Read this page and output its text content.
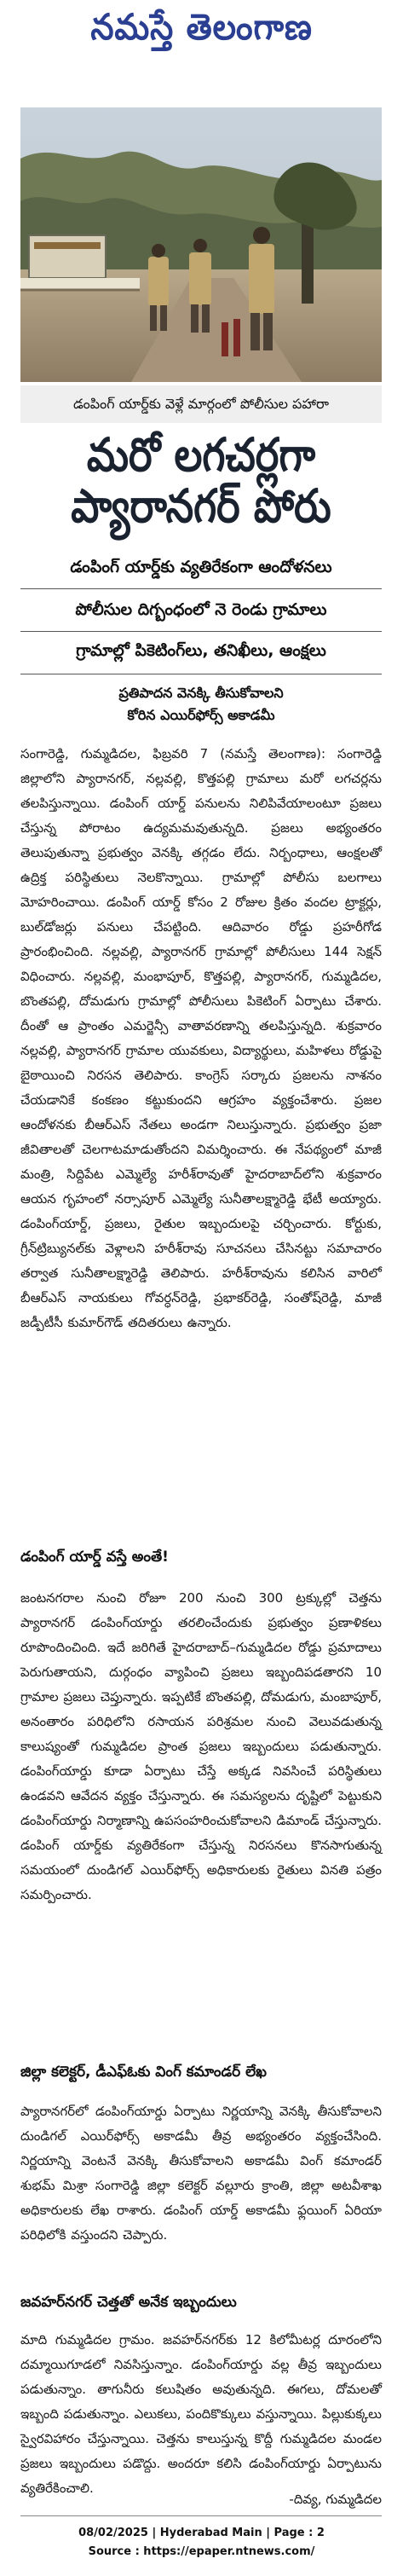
నమస్తే తెలంగాణ
డంపింగ్ యార్డ్‌కు వెళ్లే మార్గంలో పోలీసుల పహారా
మరో లగచర్లగా
ప్యారానగర్ పోరు
డంపింగ్ యార్డ్‌కు వ్యతిరేకంగా ఆందోళనలు
పోలీసుల దిగ్బంధంలో నె రెండు గ్రామాలు
గ్రామాల్లో పికెటింగ్‌లు, తనిఖీలు, ఆంక్షలు
ప్రతిపాదన వెనక్కి తీసుకోవాలని
కోరిన ఎయిర్‌ఫోర్స్ అకాడమీ
సంగారెడ్డి, గుమ్మడిదల, ఫిబ్రవరి 7 (నమస్తే తెలంగాణ): సంగారెడ్డి జిల్లాలోని ప్యారానగర్, నల్లవల్లి, కొత్తపల్లి గ్రామాలు మరో లగచర్లను తలపిస్తున్నాయి. డంపింగ్ యార్డ్ పనులను నిలిపివేయాలంటూ ప్రజలు చేస్తున్న పోరాటం ఉద్యమమవుతున్నది. ప్రజలు అభ్యంతరం తెలుపుతున్నా ప్రభుత్వం వెనక్కి తగ్గడం లేదు. నిర్బంధాలు, ఆంక్షలతో ఉద్రిక్త పరిస్థితులు నెలకొన్నాయి. గ్రామాల్లో పోలీసు బలగాలు మోహరించాయి. డంపింగ్ యార్డ్ కోసం 2 రోజుల క్రితం వందల ట్రాక్టర్లు, బుల్‌డోజర్లు పనులు చేపట్టింది. ఆదివారం రోడ్డు ప్రహరీగోడ ప్రారంభించింది. నల్లవల్లి, ప్యారానగర్ గ్రామాల్లో పోలీసులు 144 సెక్షన్ విధించారు. నల్లవల్లి, మంభాపూర్, కొత్తపల్లి, ప్యారానగర్, గుమ్మడిదల, బొంతపల్లి, దోమడుగు గ్రామాల్లో పోలీసులు పికెటింగ్ ఏర్పాటు చేశారు. దీంతో ఆ ప్రాంతం ఎమర్జెన్సీ వాతావరణాన్ని తలపిస్తున్నది. శుక్రవారం నల్లవల్లి, ప్యారానగర్ గ్రామాల యువకులు, విద్యార్థులు, మహిళలు రోడ్డుపై బైఠాయించి నిరసన తెలిపారు. కాంగ్రెస్ సర్కారు ప్రజలను నాశనం చేయడానికే కంకణం కట్టుకుందని ఆగ్రహం వ్యక్తంచేశారు. ప్రజల ఆందోళనకు బీఆర్‌ఎస్ నేతలు అండగా నిలుస్తున్నారు. ప్రభుత్వం ప్రజా జీవితాలతో చెలగాటమాడుతోందని విమర్శించారు. ఈ నేపథ్యంలో మాజీ మంత్రి, సిద్దిపేట ఎమ్మెల్యే హరీశ్‌రావుతో హైదరాబాద్‌లోని శుక్రవారం ఆయన గృహంలో నర్సాపూర్ ఎమ్మెల్యే సునీతాలక్ష్మారెడ్డి భేటీ అయ్యారు. డంపింగ్‌యార్డ్, ప్రజలు, రైతుల ఇబ్బందులపై చర్చించారు. కోర్టుకు, గ్రీన్‌ట్రిబ్యునల్‌కు వెళ్లాలని హరీశ్‌రావు సూచనలు చేసినట్టు సమాచారం తర్వాత సునీతాలక్ష్మారెడ్డి తెలిపారు. హరీశ్‌రావును కలిసిన వారిలో బీఆర్‌ఎస్ నాయకులు గోవర్ధన్‌రెడ్డి, ప్రభాకర్‌రెడ్డి, సంతోష్‌రెడ్డి, మాజీ జడ్పీటీసీ కుమార్‌గౌడ్ తదితరులు ఉన్నారు.
డంపింగ్ యార్డ్ వస్తే అంతే!
జంటనగరాల నుంచి రోజూ 200 నుంచి 300 ట్రక్కుల్లో చెత్తను ప్యారానగర్ డంపింగ్‌యార్డు తరలించేందుకు ప్రభుత్వం ప్రణాళికలు రూపొందించింది. ఇదే జరిగితే హైదరాబాద్–గుమ్మడిదల రోడ్డు ప్రమాదాలు పెరుగుతాయని, దుర్గంధం వ్యాపించి ప్రజలు ఇబ్బందిపడతారని 10 గ్రామాల ప్రజలు చెప్తున్నారు. ఇప్పటికే బొంతపల్లి, దోమడుగు, మంబాపూర్, అనంతారం పరిధిలోని రసాయన పరిశ్రమల నుంచి వెలువడుతున్న కాలుష్యంతో గుమ్మడిదల ప్రాంత ప్రజలు ఇబ్బందులు పడుతున్నారు. డంపింగ్‌యార్డు కూడా ఏర్పాటు చేస్తే అక్కడ నివసించే పరిస్థితులు ఉండవని ఆవేదన వ్యక్తం చేస్తున్నారు. ఈ సమస్యలను దృష్టిలో పెట్టుకుని డంపింగ్‌యార్డు నిర్మాణాన్ని ఉపసంహరించుకోవాలని డిమాండ్ చేస్తున్నారు. డంపింగ్ యార్డ్‌కు వ్యతిరేకంగా చేస్తున్న నిరసనలు కొనసాగుతున్న సమయంలో దుండిగల్ ఎయిర్‌ఫోర్స్ అధికారులకు రైతులు వినతి పత్రం సమర్పించారు.
జిల్లా కలెక్టర్, డీఎఫ్‌ఓకు వింగ్ కమాండర్ లేఖ
ప్యారానగర్‌లో డంపింగ్‌యార్డు ఏర్పాటు నిర్ణయాన్ని వెనక్కి తీసుకోవాలని దుండిగల్ ఎయిర్‌ఫోర్స్ అకాడమీ తీవ్ర అభ్యంతరం వ్యక్తంచేసింది. నిర్ణయాన్ని వెంటనే వెనక్కి తీసుకోవాలని అకాడమీ వింగ్ కమాండర్ శుభమ్ మిశ్రా సంగారెడ్డి జిల్లా కలెక్టర్ వల్లూరు క్రాంతి, జిల్లా అటవీశాఖ అధికారులకు లేఖ రాశారు. డంపింగ్ యార్డ్ అకాడమీ ఫ్లయింగ్ ఏరియా పరిధిలోకి వస్తుందని చెప్పారు.
జవహర్‌నగర్ చెత్తతో అనేక ఇబ్బందులు
మాది గుమ్మడిదల గ్రామం. జవహర్‌నగర్‌కు 12 కిలోమీటర్ల దూరంలోని దమ్మాయిగూడలో నివసిస్తున్నాం. డంపింగ్‌యార్డు వల్ల తీవ్ర ఇబ్బందులు పడుతున్నాం. తాగునీరు కలుషితం అవుతున్నది. ఈగలు, దోమలతో ఇబ్బంది పడుతున్నాం. ఎలుకలు, పందికొక్కులు వస్తున్నాయి. పిల్లుకుక్కలు స్వైరవిహారం చేస్తున్నాయి. చెత్తను కాలుస్తున్న కొద్దీ గుమ్మడిదల మండల ప్రజలు ఇబ్బందులు పడొద్దు. అందరూ కలిసి డంపింగ్‌యార్డు ఏర్పాటును వ్యతిరేకించాలి.
-దివ్య, గుమ్మడిదల
08/02/2025 | Hyderabad Main | Page : 2
Source : https://epaper.ntnews.com/
